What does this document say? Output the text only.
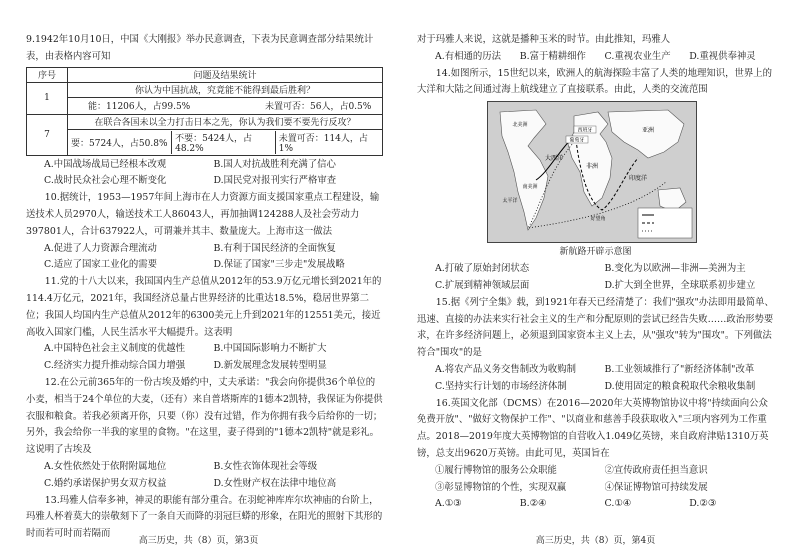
9.1942年10月10日，中国《大刚报》举办民意调查，下表为民意调查部分结果统计表，由表格内容可知

序号	问题及结果统计
1	你认为中国抗战，究竟能不能得到最后胜利？

能：11206人，占99.5%	未置可否：56人，占0.5%

7	在联合各国未以全力打击日本之先，你认为我们要不要先行反攻？

要：5724人，占50.8%	不要：5424人，占48.2%	未置可否：114人，占1%
A.中国战场战局已经根本改观	B.国人对抗战胜利充满了信心
C.战时民众社会心理不断变化	D.国民党对报刊实行严格审查

10.据统计，1953—1957年间上海市在人力资源方面支援国家重点工程建设，输送技术人员2970人，输送技术工人86043人，再加抽调124288人及社会劳动力397801人，合计637922人，可谓兼并其丰、数量庞大。上海市这一做法

A.促进了人力资源合理流动	B.有利于国民经济的全面恢复
C.适应了国家工业化的需要	D.保证了国家"三步走"发展战略

11.党的十八大以来，我国国内生产总值从2012年的53.9万亿元增长到2021年的114.4万亿元，2021年，我国经济总量占世界经济的比重达18.5%，稳居世界第二位；我国人均国内生产总值从2012年的6300美元上升到2021年的12551美元，接近高收入国家门槛，人民生活水平大幅提升。这表明

A.中国特色社会主义制度的优越性	B.中国国际影响力不断扩大
C.经济实力提升推动综合国力增强	D.新发展理念发展转型明显

12.在公元前365年的一份古埃及婚约中，丈夫承诺："我会向你提供36个单位的小麦，相当于24个单位的大麦，（还有）来自普塔斯库的1德本2凯特，我保证为你提供衣服和粮食。若我必须离开你，只要（你）没有过错，作为你拥有我今后给你的一切；另外，我会给你一半我的家里的食物。"在这里，妻子得到的"1德本2凯特"就是彩礼。这说明了古埃及

A.女性依然处于依附附属地位	B.女性衣饰体现社会等级
C.婚约承诺保护男女双方权益	D.女性财产权在法律中地位高

13.玛雅人信奉多神，神灵的职能有部分重合。在羽蛇神库库尔坎神庙的台阶上，玛雅人杯着莫大的崇敬刻下了一条自天而降的羽冠巨蟒的形象，在阳光的照射下其形的时而若可时而若隔而

高三历史，共（8）页，第3页

对于玛雅人来说，这就是播种玉米的时节。由此推知，玛雅人

A.有相通的历法	B.富于精耕细作	C.重视农业生产	D.重视供奉神灵

14.如图所示，15世纪以来，欧洲人的航海探险丰富了人类的地理知识，世界上的大洋和大陆之间通过海上航线建立了直接联系。由此，人类的交流范围

西班牙
葡萄牙
大西洋
非洲
太平洋
印度洋
好望角
南美洲
亚洲
北美洲
新航路开辟示意图
A.打破了原始封闭状态	B.变化为以欧洲—非洲—美洲为主
C.扩展到精神领域层面	D.扩大到全世界，全球联系初步建立

15.据《列宁全集》载，到1921年春天已经清楚了：我们"强攻"办法即用最简单、迅速、直接的办法来实行社会主义的生产和分配原则的尝试已经告失败……政治形势要求，在许多经济问题上，必须退到国家资本主义上去，从"强攻"转为"围攻"。下列做法符合"围攻"的是

A.将农产品义务交售制改为收购制	B.工业领域推行了"新经济体制"改革
C.坚持实行计划的市场经济体制	D.使用固定的粮食税取代余粮收集制

16.英国文化部（DCMS）在2016—2020年大英博物馆协议中将"持续面向公众免费开放"、"做好文物保护工作"、"以商业和慈善手段获取收入"三项内容列为工作重点。2018—2019年度大英博物馆的自营收入1.049亿英镑，来自政府津贴1310万英镑，总支出9620万英镑。由此可见，英国旨在

①履行博物馆的服务公众职能	②宣传政府责任担当意识
③彰显博物馆的个性，实现双赢	④保证博物馆可持续发展
A.①③	B.②④	C.①④	D.②③
高三历史，共（8）页，第4页
